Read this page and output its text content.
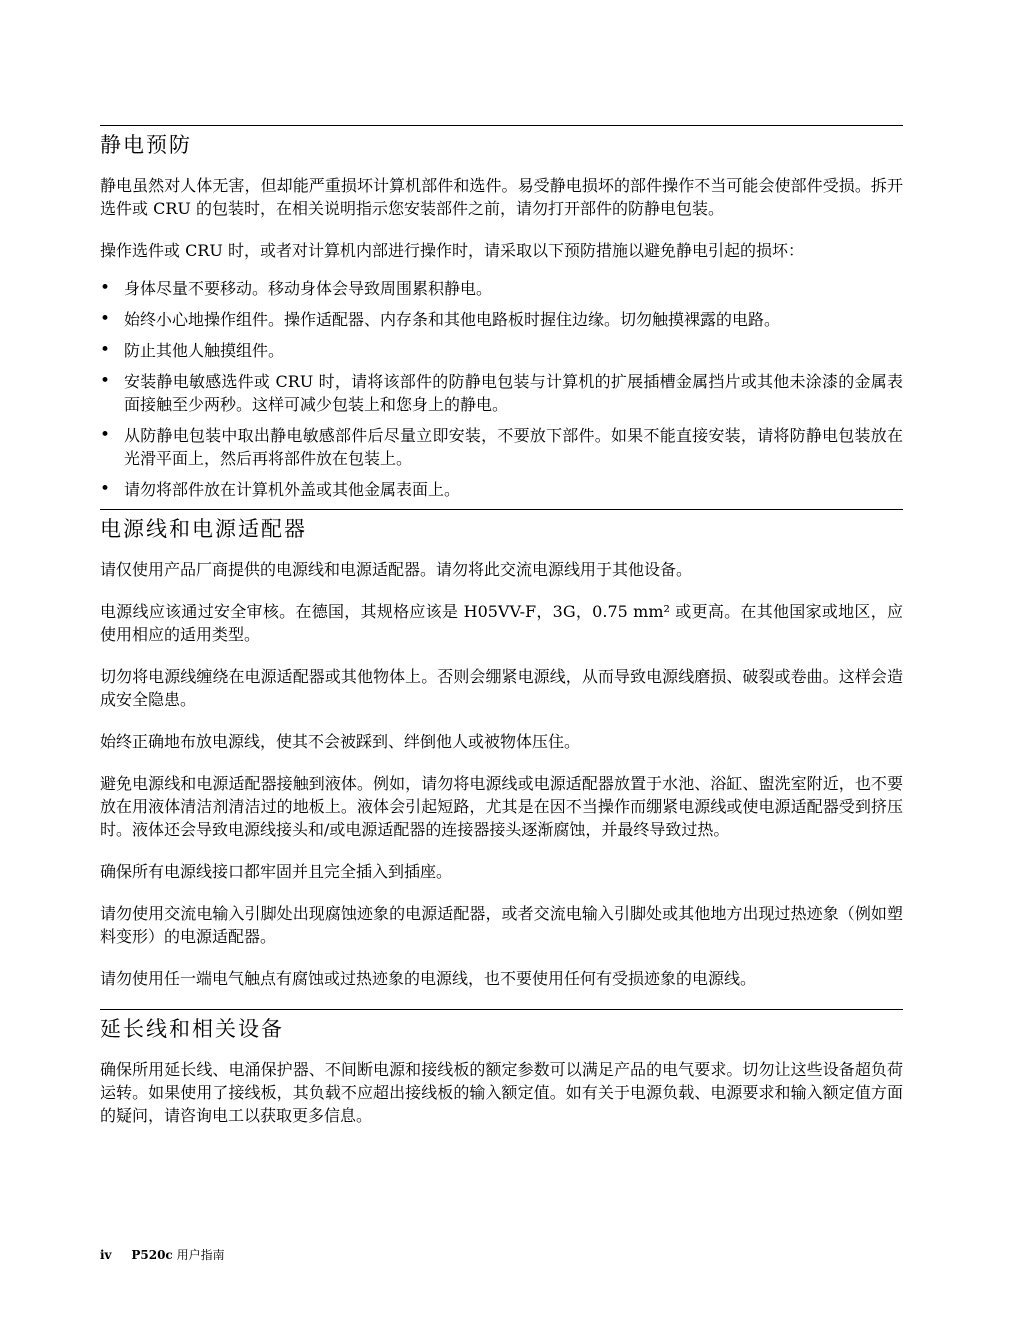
静电预防

静电虽然对人体无害，但却能严重损坏计算机部件和选件。易受静电损坏的部件操作不当可能会使部件受损。拆开选件或 CRU 的包装时，在相关说明指示您安装部件之前，请勿打开部件的防静电包装。

操作选件或 CRU 时，或者对计算机内部进行操作时，请采取以下预防措施以避免静电引起的损坏：

• 身体尽量不要移动。移动身体会导致周围累积静电。
• 始终小心地操作组件。操作适配器、内存条和其他电路板时握住边缘。切勿触摸裸露的电路。
• 防止其他人触摸组件。
• 安装静电敏感选件或 CRU 时，请将该部件的防静电包装与计算机的扩展插槽金属挡片或其他未涂漆的金属表面接触至少两秒。这样可减少包装上和您身上的静电。
• 从防静电包装中取出静电敏感部件后尽量立即安装，不要放下部件。如果不能直接安装，请将防静电包装放在光滑平面上，然后再将部件放在包装上。
• 请勿将部件放在计算机外盖或其他金属表面上。
电源线和电源适配器

请仅使用产品厂商提供的电源线和电源适配器。请勿将此交流电源线用于其他设备。

电源线应该通过安全审核。在德国，其规格应该是 H05VV-F，3G，0.75 mm² 或更高。在其他国家或地区，应使用相应的适用类型。

切勿将电源线缠绕在电源适配器或其他物体上。否则会绷紧电源线，从而导致电源线磨损、破裂或卷曲。这样会造成安全隐患。

始终正确地布放电源线，使其不会被踩到、绊倒他人或被物体压住。

避免电源线和电源适配器接触到液体。例如，请勿将电源线或电源适配器放置于水池、浴缸、盥洗室附近，也不要放在用液体清洁剂清洁过的地板上。液体会引起短路，尤其是在因不当操作而绷紧电源线或使电源适配器受到挤压时。液体还会导致电源线接头和/或电源适配器的连接器接头逐渐腐蚀，并最终导致过热。

确保所有电源线接口都牢固并且完全插入到插座。

请勿使用交流电输入引脚处出现腐蚀迹象的电源适配器，或者交流电输入引脚处或其他地方出现过热迹象（例如塑料变形）的电源适配器。

请勿使用任一端电气触点有腐蚀或过热迹象的电源线，也不要使用任何有受损迹象的电源线。

延长线和相关设备

确保所用延长线、电涌保护器、不间断电源和接线板的额定参数可以满足产品的电气要求。切勿让这些设备超负荷运转。如果使用了接线板，其负载不应超出接线板的输入额定值。如有关于电源负载、电源要求和输入额定值方面的疑问，请咨询电工以获取更多信息。

iv P520c 用户指南
